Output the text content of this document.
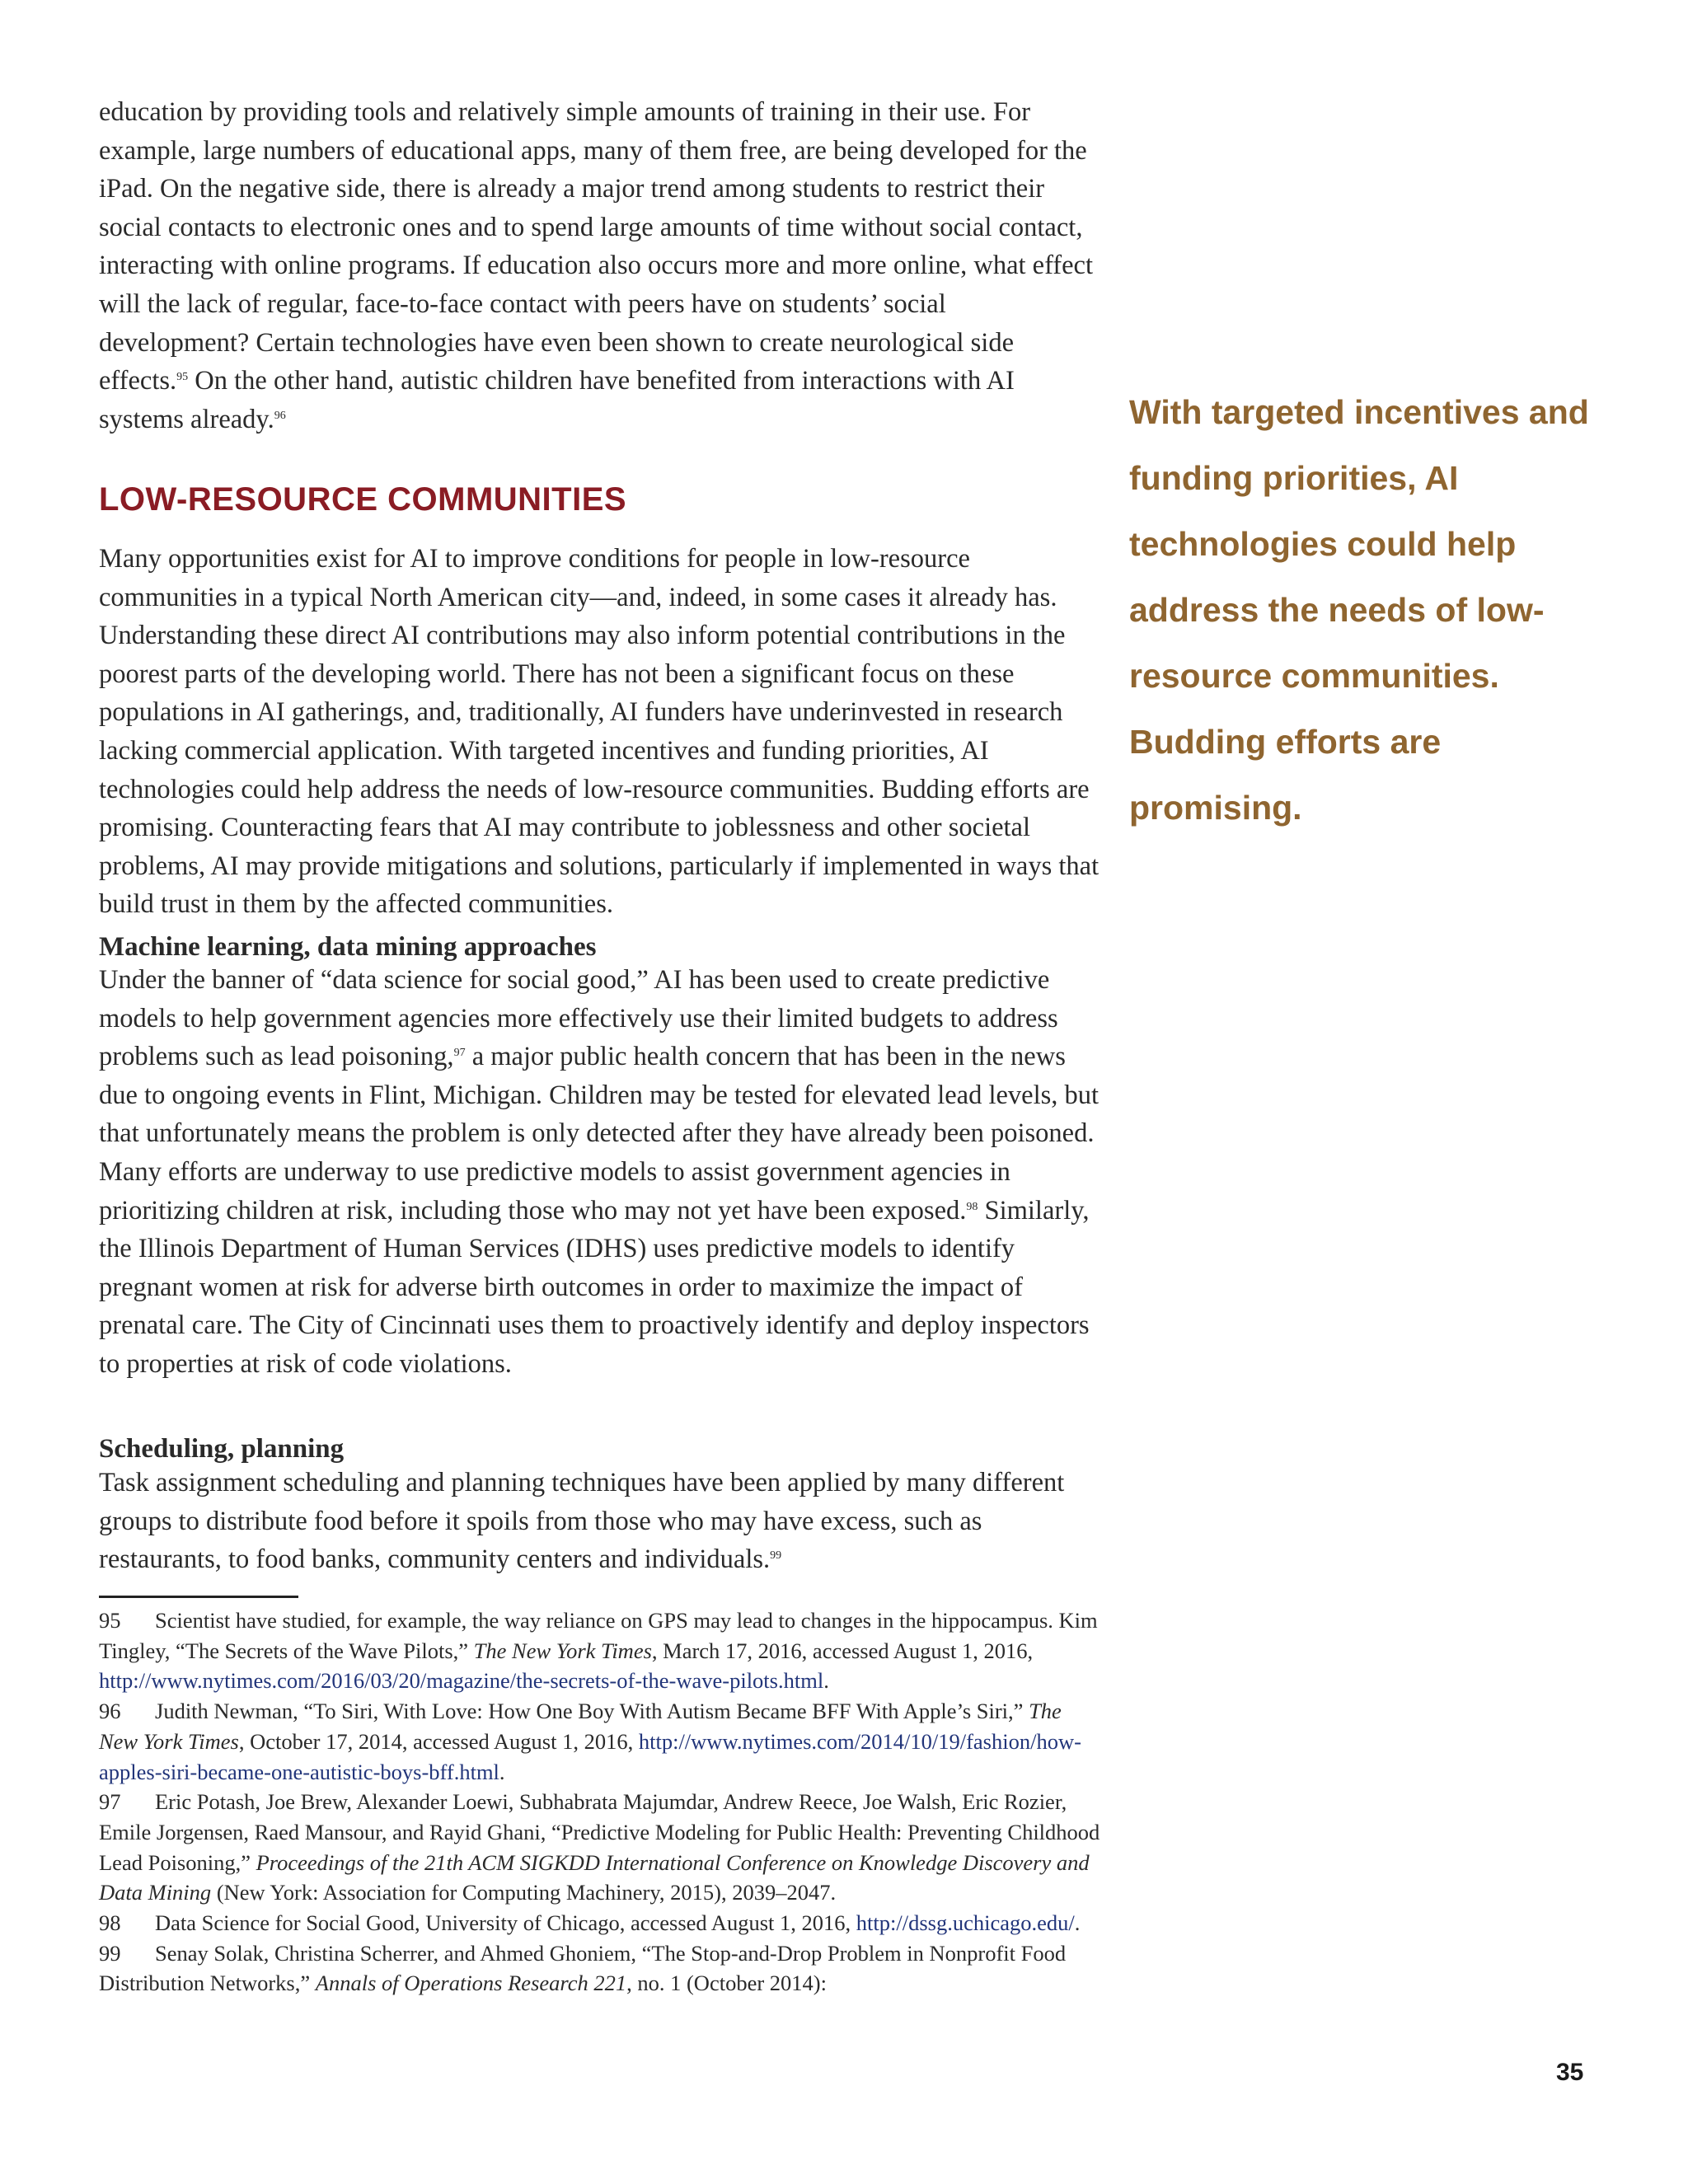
education by providing tools and relatively simple amounts of training in their use. For example, large numbers of educational apps, many of them free, are being developed for the iPad. On the negative side, there is already a major trend among students to restrict their social contacts to electronic ones and to spend large amounts of time without social contact, interacting with online programs. If education also occurs more and more online, what effect will the lack of regular, face-to-face contact with peers have on students’ social development? Certain technologies have even been shown to create neurological side effects.$^{95}$ On the other hand, autistic children have benefited from interactions with AI systems already.$^{96}$

LOW-RESOURCE COMMUNITIES

Many opportunities exist for AI to improve conditions for people in low-resource communities in a typical North American city—and, indeed, in some cases it already has. Understanding these direct AI contributions may also inform potential contributions in the poorest parts of the developing world. There has not been a significant focus on these populations in AI gatherings, and, traditionally, AI funders have underinvested in research lacking commercial application. With targeted incentives and funding priorities, AI technologies could help address the needs of low-resource communities. Budding efforts are promising. Counteracting fears that AI may contribute to joblessness and other societal problems, AI may provide mitigations and solutions, particularly if implemented in ways that build trust in them by the affected communities.

Machine learning, data mining approaches

Under the banner of “data science for social good,” AI has been used to create predictive models to help government agencies more effectively use their limited budgets to address problems such as lead poisoning,$^{97}$ a major public health concern that has been in the news due to ongoing events in Flint, Michigan. Children may be tested for elevated lead levels, but that unfortunately means the problem is only detected after they have already been poisoned. Many efforts are underway to use predictive models to assist government agencies in prioritizing children at risk, including those who may not yet have been exposed.$^{98}$ Similarly, the Illinois Department of Human Services (IDHS) uses predictive models to identify pregnant women at risk for adverse birth outcomes in order to maximize the impact of prenatal care. The City of Cincinnati uses them to proactively identify and deploy inspectors to properties at risk of code violations.

Scheduling, planning

Task assignment scheduling and planning techniques have been applied by many different groups to distribute food before it spoils from those who may have excess, such as restaurants, to food banks, community centers and individuals.$^{99}$

95 Scientist have studied, for example, the way reliance on GPS may lead to changes in the hippocampus. Kim Tingley, “The Secrets of the Wave Pilots,” The New York Times, March 17, 2016, accessed August 1, 2016, http://www.nytimes.com/2016/03/20/magazine/the-secrets-of-the-wave-pilots.html.

96 Judith Newman, “To Siri, With Love: How One Boy With Autism Became BFF With Apple’s Siri,” The New York Times, October 17, 2014, accessed August 1, 2016, http://www.nytimes.com/2014/10/19/fashion/how-apples-siri-became-one-autistic-boys-bff.html.

97 Eric Potash, Joe Brew, Alexander Loewi, Subhabrata Majumdar, Andrew Reece, Joe Walsh, Eric Rozier, Emile Jorgensen, Raed Mansour, and Rayid Ghani, “Predictive Modeling for Public Health: Preventing Childhood Lead Poisoning,” Proceedings of the 21th ACM SIGKDD International Conference on Knowledge Discovery and Data Mining (New York: Association for Computing Machinery, 2015), 2039–2047.

98 Data Science for Social Good, University of Chicago, accessed August 1, 2016, http://dssg.uchicago.edu/.

99 Senay Solak, Christina Scherrer, and Ahmed Ghoniem, “The Stop-and-Drop Problem in Nonprofit Food Distribution Networks,” Annals of Operations Research 221, no. 1 (October 2014):

With targeted incentives and funding priorities, AI technologies could help address the needs of low-resource communities. Budding efforts are promising.

35
